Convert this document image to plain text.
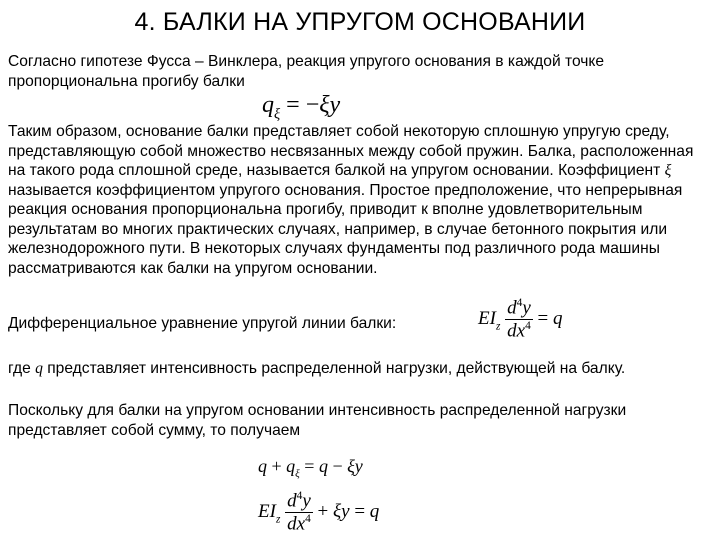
4. БАЛКИ НА УПРУГОМ ОСНОВАНИИ
Согласно гипотезе Фусса – Винклера, реакция упругого основания в каждой точке пропорциональна прогибу балки
$q_\xi = -\xi y$
Таким образом, основание балки представляет собой некоторую сплошную упругую среду, представляющую собой множество несвязанных между собой пружин. Балка, расположенная на такого рода сплошной среде, называется балкой на упругом основании. Коэффициент ξ называется коэффициентом упругого основания. Простое предположение, что непрерывная реакция основания пропорциональна прогибу, приводит к вполне удовлетворительным результатам во многих практических случаях, например, в случае бетонного покрытия или железнодорожного пути. В некоторых случаях фундаменты под различного рода машины рассматриваются как балки на упругом основании.
Дифференциальное уравнение упругой линии балки:	$EI_z \frac{d^4y}{dx^4} = q$
где q представляет интенсивность распределенной нагрузки, действующей на балку.
Поскольку для балки на упругом основании интенсивность распределенной нагрузки представляет собой сумму, то получаем
$q + q_\xi = q - \xi y$
$EI_z \frac{d^4y}{dx^4} + \xi y = q$
